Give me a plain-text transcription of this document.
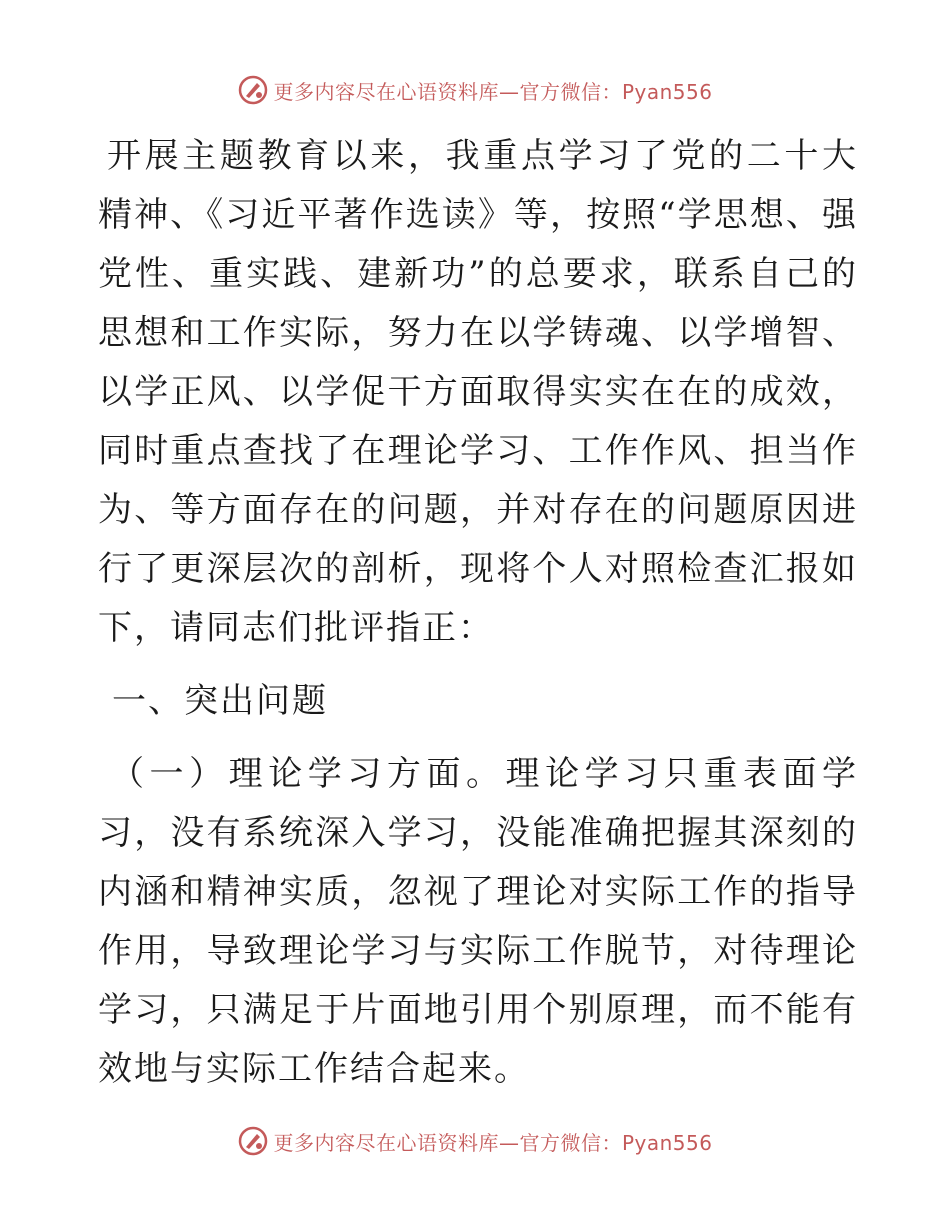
更多内容尽在心语资料库—官方微信：Pyan556

开展主题教育以来，我重点学习了党的二十大精神、《习近平著作选读》等，按照“学思想、强党性、重实践、建新功”的总要求，联系自己的思想和工作实际，努力在以学铸魂、以学增智、以学正风、以学促干方面取得实实在在的成效，同时重点查找了在理论学习、工作作风、担当作为、等方面存在的问题，并对存在的问题原因进行了更深层次的剖析，现将个人对照检查汇报如下，请同志们批评指正：

一、突出问题

（一）理论学习方面。理论学习只重表面学习，没有系统深入学习，没能准确把握其深刻的内涵和精神实质，忽视了理论对实际工作的指导作用，导致理论学习与实际工作脱节，对待理论学习，只满足于片面地引用个别原理，而不能有效地与实际工作结合起来。

更多内容尽在心语资料库—官方微信：Pyan556
